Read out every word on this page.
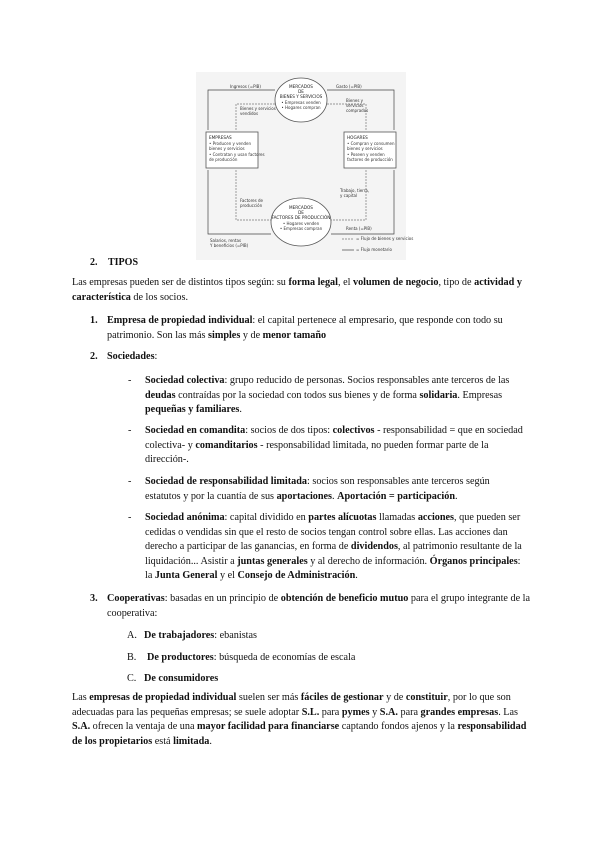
MERCADOS
DE
BIENES Y SERVICIOS
• Empresas venden
• Hogares compran
MERCADOS
DE
FACTORES DE PRODUCCIÓN
• Hogares venden
• Empresas compran
EMPRESAS
• Producen y venden
bienes y servicios
• Contratan y usan factores
de producción
HOGARES
• Compran y consumen
bienes y servicios
• Poseen y venden
factores de producción
Ingresos (=PIB)	Gasto (=PIB)
Bienes y servicios
vendidos
Bienes y
servicios
comprados
Factores de
producción
Trabajo, tierra,
y capital
Salarios, rentas
Y beneficios (=PIB)
Renta (=PIB)
= Flujo de bienes y servicios
= Flujo monetario
2. TIPOS
Las empresas pueden ser de distintos tipos según: su forma legal, el volumen de negocio, tipo de actividad y característica de los socios.
1. Empresa de propiedad individual: el capital pertenece al empresario, que responde con todo su patrimonio. Son las más simples y de menor tamaño
2. Sociedades:
- Sociedad colectiva: grupo reducido de personas. Socios responsables ante terceros de las deudas contraídas por la sociedad con todos sus bienes y de forma solidaria. Empresas pequeñas y familiares.
- Sociedad en comandita: socios de dos tipos: colectivos - responsabilidad = que en sociedad colectiva- y comanditarios - responsabilidad limitada, no pueden formar parte de la dirección-.
- Sociedad de responsabilidad limitada: socios son responsables ante terceros según estatutos y por la cuantía de sus aportaciones. Aportación = participación.
- Sociedad anónima: capital dividido en partes alícuotas llamadas acciones, que pueden ser cedidas o vendidas sin que el resto de socios tengan control sobre ellas. Las acciones dan derecho a participar de las ganancias, en forma de dividendos, al patrimonio resultante de la liquidación... Asistir a juntas generales y al derecho de información. Órganos principales: la Junta General y el Consejo de Administración.
3. Cooperativas: basadas en un principio de obtención de beneficio mutuo para el grupo integrante de la cooperativa:
A. De trabajadores: ebanistas
B. De productores: búsqueda de economías de escala
C. De consumidores
Las empresas de propiedad individual suelen ser más fáciles de gestionar y de constituir, por lo que son adecuadas para las pequeñas empresas; se suele adoptar S.L. para pymes y S.A. para grandes empresas. Las S.A. ofrecen la ventaja de una mayor facilidad para financiarse captando fondos ajenos y la responsabilidad de los propietarios está limitada.
